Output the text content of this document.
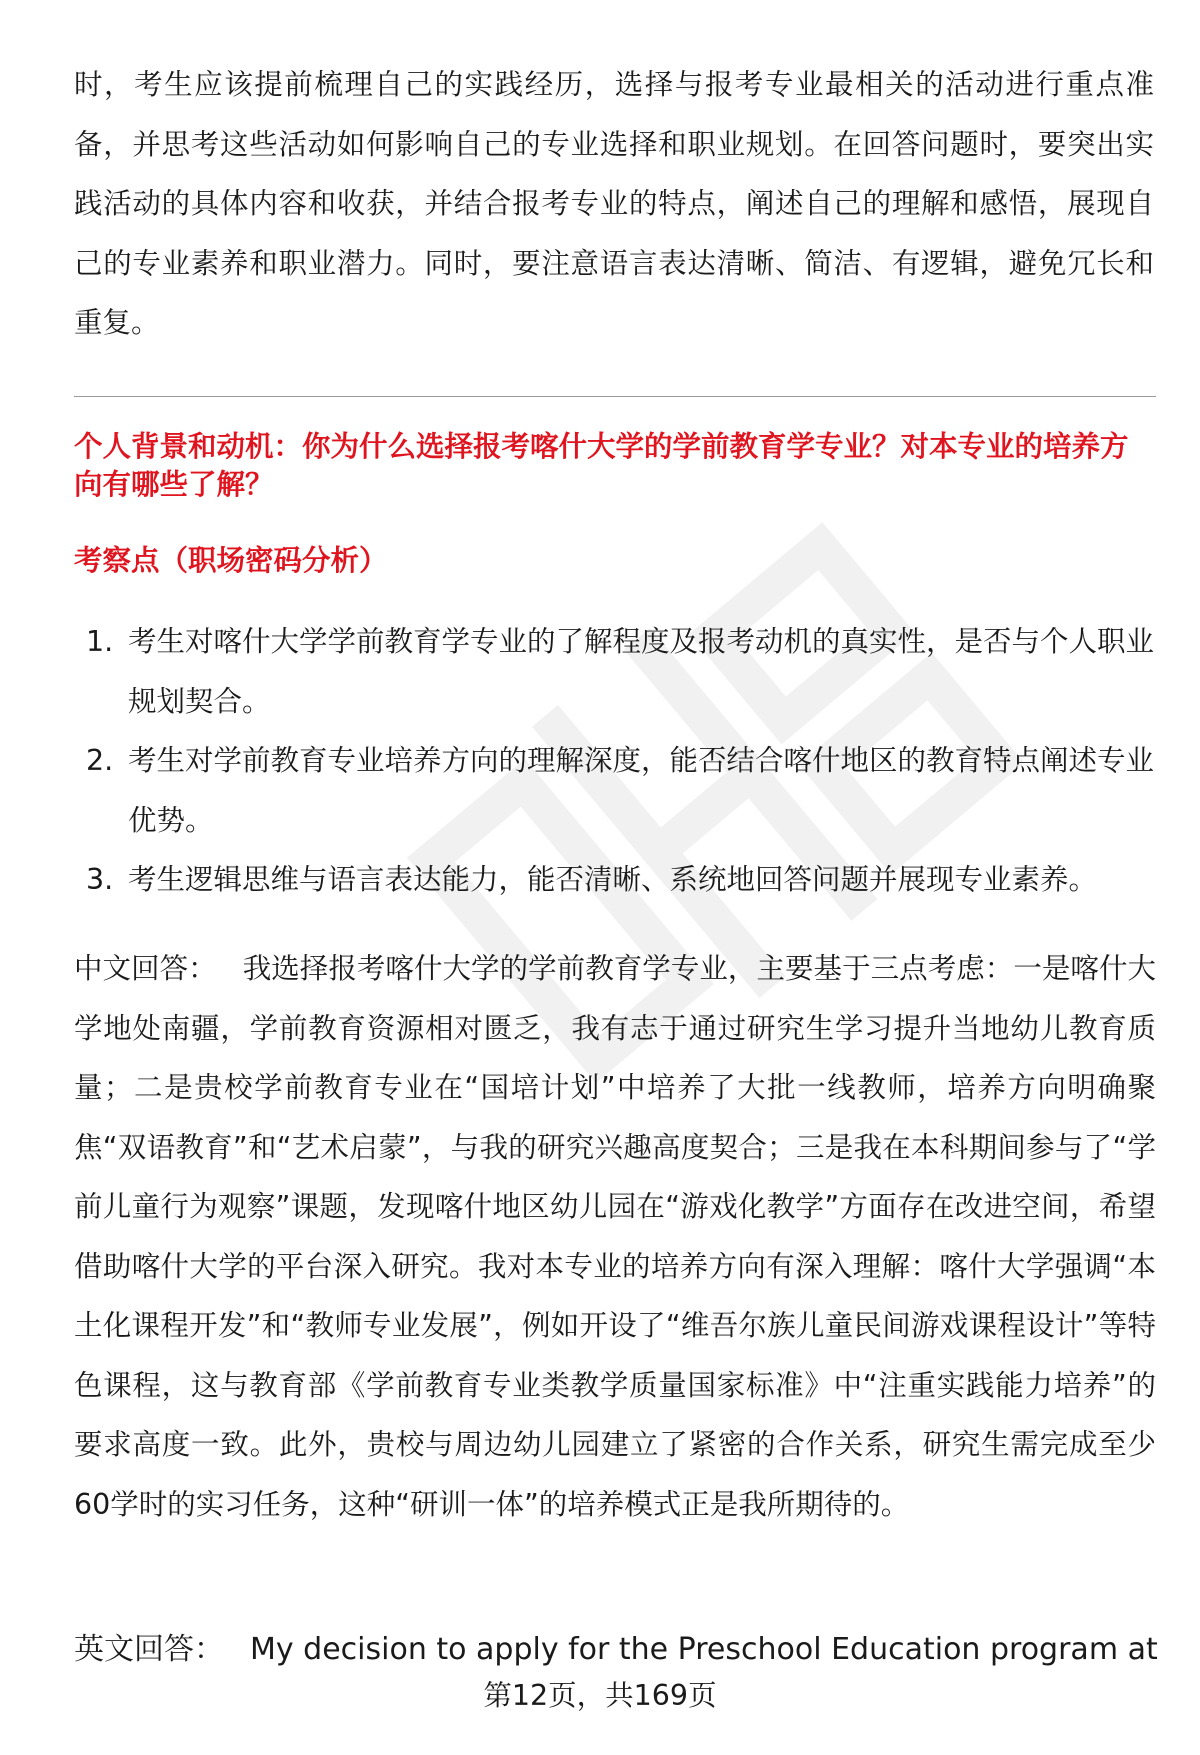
时，考生应该提前梳理自己的实践经历，选择与报考专业最相关的活动进行重点准备，并思考这些活动如何影响自己的专业选择和职业规划。在回答问题时，要突出实践活动的具体内容和收获，并结合报考专业的特点，阐述自己的理解和感悟，展现自己的专业素养和职业潜力。同时，要注意语言表达清晰、简洁、有逻辑，避免冗长和重复。

个人背景和动机：你为什么选择报考喀什大学的学前教育学专业？对本专业的培养方向有哪些了解？

考察点（职场密码分析）

1. 考生对喀什大学学前教育学专业的了解程度及报考动机的真实性，是否与个人职业规划契合。
2. 考生对学前教育专业培养方向的理解深度，能否结合喀什地区的教育特点阐述专业优势。
3. 考生逻辑思维与语言表达能力，能否清晰、系统地回答问题并展现专业素养。

中文回答： 我选择报考喀什大学的学前教育学专业，主要基于三点考虑：一是喀什大学地处南疆，学前教育资源相对匮乏，我有志于通过研究生学习提升当地幼儿教育质量；二是贵校学前教育专业在“国培计划”中培养了大批一线教师，培养方向明确聚焦“双语教育”和“艺术启蒙”，与我的研究兴趣高度契合；三是我在本科期间参与了“学前儿童行为观察”课题，发现喀什地区幼儿园在“游戏化教学”方面存在改进空间，希望借助喀什大学的平台深入研究。我对本专业的培养方向有深入理解：喀什大学强调“本土化课程开发”和“教师专业发展”，例如开设了“维吾尔族儿童民间游戏课程设计”等特色课程，这与教育部《学前教育专业类教学质量国家标准》中“注重实践能力培养”的要求高度一致。此外，贵校与周边幼儿园建立了紧密的合作关系，研究生需完成至少60学时的实习任务，这种“研训一体”的培养模式正是我所期待的。

英文回答： My decision to apply for the Preschool Education program at

第12页，共169页
